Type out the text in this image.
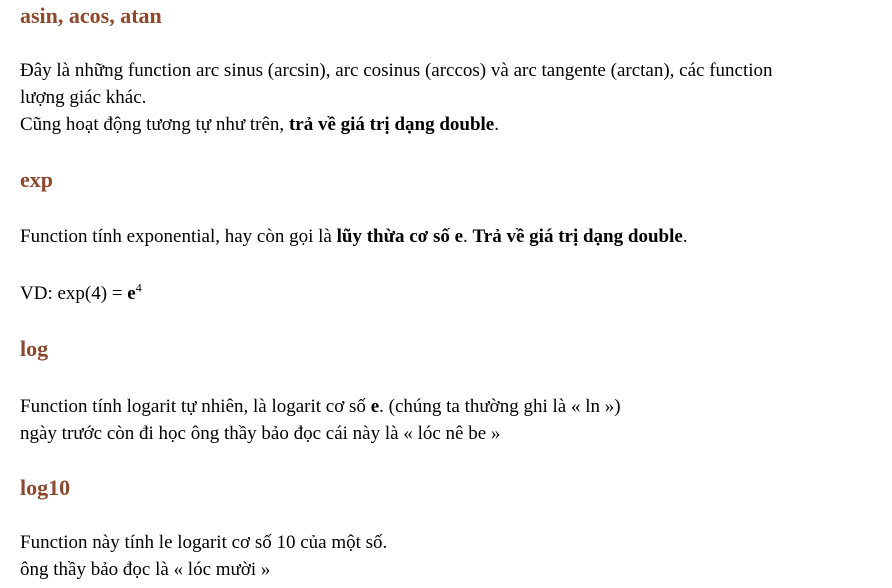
asin, acos, atan

Đây là những function arc sinus (arcsin), arc cosinus (arccos) và arc tangente (arctan), các function
lượng giác khác.

Cũng hoạt động tương tự như trên, trả về giá trị dạng double.

exp

Function tính exponential, hay còn gọi là lũy thừa cơ số e. Trả về giá trị dạng double.

VD: $\exp(4) = e^4$

log

Function tính logarit tự nhiên, là logarit cơ số e. (chúng ta thường ghi là « ln »)
ngày trước còn đi học ông thầy bảo đọc cái này là « lóc nê be »

log10

Function này tính le logarit cơ số 10 của một số.
ông thầy bảo đọc là « lóc mười »
